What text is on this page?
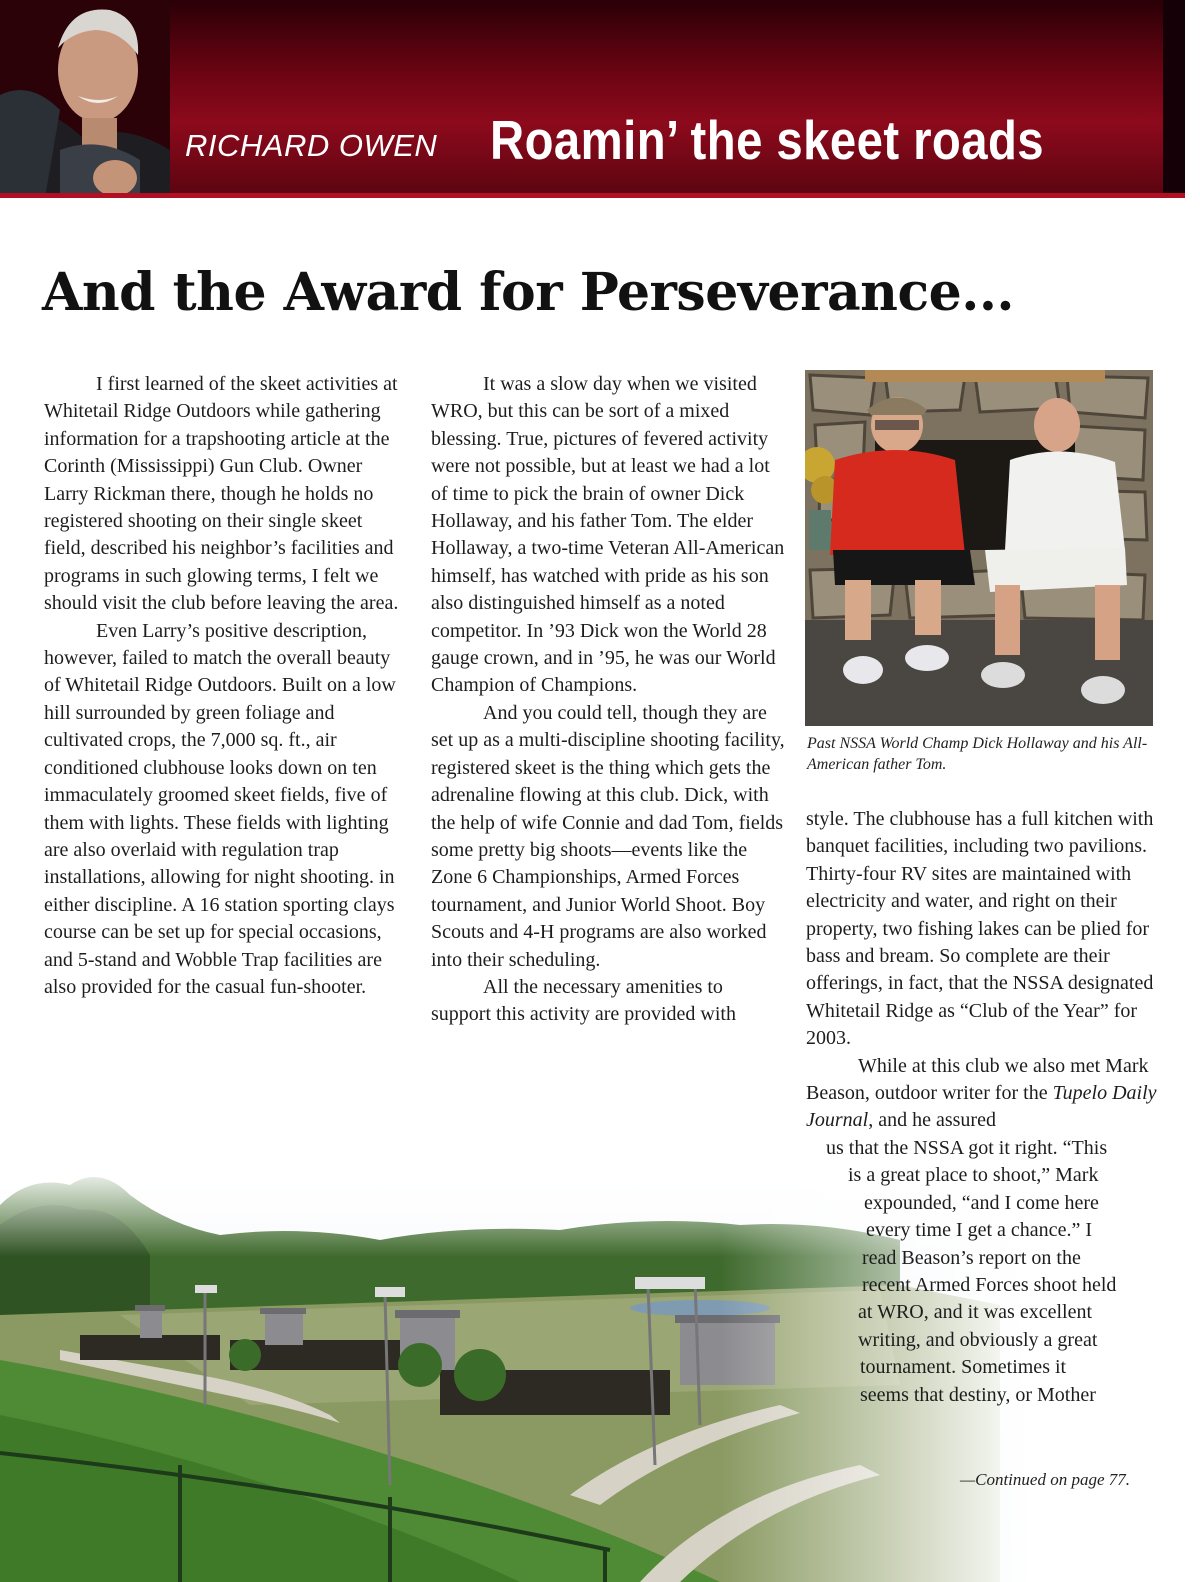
RICHARD OWEN Roamin’ the skeet roads
And the Award for Perseverance...

I first learned of the skeet activities at Whitetail Ridge Outdoors while gathering information for a trapshooting article at the Corinth (Mississippi) Gun Club. Owner Larry Rickman there, though he holds no registered shooting on their single skeet field, described his neighbor’s facilities and programs in such glowing terms, I felt we should visit the club before leaving the area.

Even Larry’s positive description, however, failed to match the overall beauty of Whitetail Ridge Outdoors. Built on a low hill surrounded by green foliage and cultivated crops, the 7,000 sq. ft., air conditioned clubhouse looks down on ten immaculately groomed skeet fields, five of them with lights. These fields with lighting are also overlaid with regulation trap installations, allowing for night shooting. in either discipline. A 16 station sporting clays course can be set up for special occasions, and 5-stand and Wobble Trap facilities are also provided for the casual fun-shooter.

It was a slow day when we visited WRO, but this can be sort of a mixed blessing. True, pictures of fevered activity were not possible, but at least we had a lot of time to pick the brain of owner Dick Hollaway, and his father Tom. The elder Hollaway, a two-time Veteran All-American himself, has watched with pride as his son also distinguished himself as a noted competitor. In ’93 Dick won the World 28 gauge crown, and in ’95, he was our World Champion of Champions.

And you could tell, though they are set up as a multi-discipline shooting facility, registered skeet is the thing which gets the adrenaline flowing at this club. Dick, with the help of wife Connie and dad Tom, fields some pretty big shoots—events like the Zone 6 Championships, Armed Forces tournament, and Junior World Shoot. Boy Scouts and 4-H programs are also worked into their scheduling.

All the necessary amenities to support this activity are provided with

Past NSSA World Champ Dick Hollaway and his All-American father Tom.

style. The clubhouse has a full kitchen with banquet facilities, including two pavilions. Thirty-four RV sites are maintained with electricity and water, and right on their property, two fishing lakes can be plied for bass and bream. So complete are their offerings, in fact, that the NSSA designated Whitetail Ridge as “Club of the Year” for 2003.

While at this club we also met Mark Beason, outdoor writer for the Tupelo Daily Journal, and he assured

us that the NSSA got it right. “This
is a great place to shoot,” Mark
expounded, “and I come here
every time I get a chance.” I
read Beason’s report on the
recent Armed Forces shoot held
at WRO, and it was excellent
writing, and obviously a great
tournament. Sometimes it
seems that destiny, or Mother
—Continued on page 77.
